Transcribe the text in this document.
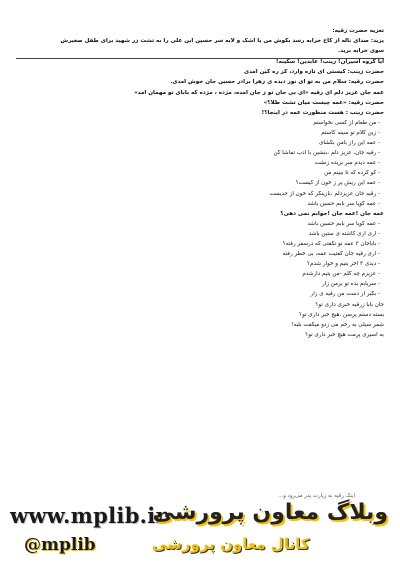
تعزیه حضرت رقیه:
یزید: صدای ناله از کاخ خرابه رسد بگوش من یا اشک و لابه سر حسین ابن علی را به تشت زر شهید برای طفل صغیرش
سوی خرابه برید.
آیا گروه اسیران! زینب! عابدین! سکینه!
حضرت زینب: کیستی ای تازه وارد، کز ره کین آمدی
حضرت رقیه: سلام من به تو ای نور دیده ی زهرا برادر حسین جان خوش آمدی.
عمه جان عزیز دلم ای رقیه «ای بی جان تو ز جان آمده، مژده ، مژده که بابای تو مهمان آمد»
حضرت رقیه: «عمه چیست میان تشت طلا؟»
حضرت زینب : هست منظورت عمه در اینجا؟!
- من طعام از کسی نخواستم
- زین کلام تو سینه کاستم
- عمه این راز بامن بگشای
- رقیه جان، عزیز دلم ،بنشین با ادب تماشا کن
- عمه دیدم سر بریده زنشت
- کو گرده که تا ببینم من
- عمه این ریش پر ز خون از کیست؟
- رقیه جان عزیزدلم ،بازینگر که خون از جدیست
- عمه گویا سر بابم حسین باشد
عمه جان !عمه جان !جوابم نمی دهی؟
- عمه گویا سر بابم حسین باشد
- آری آری کاشته ی ستین باشد
- باباجان ۳ عمه تو نگفتی که درسفر رفته؟
- آری رقیه جان گفتیت عمه، بی خطر رفته
- دیدی ۳ آخر بتیم و خوار شدم؟
- عزیزم چه گلم -من یتیم دارشدم
- سربابم بده تو برمن زار
- بگیر از دست من رقیه ی زار
جان بابا زرقیه خبری داری تو؟
بسته دستم پرسن ،هیچ خبر داری تو؟
شمر سیلی به رخم می زدو میگفت بلبه!
به اسیری پرمت هیچ خبر داری تو؟
اینک رقیه به زیارت پدر می‌رود و...
www.mplib.ir
وبلاگ معاون پرورشی
@mplib	کانال معاون پرورشی
